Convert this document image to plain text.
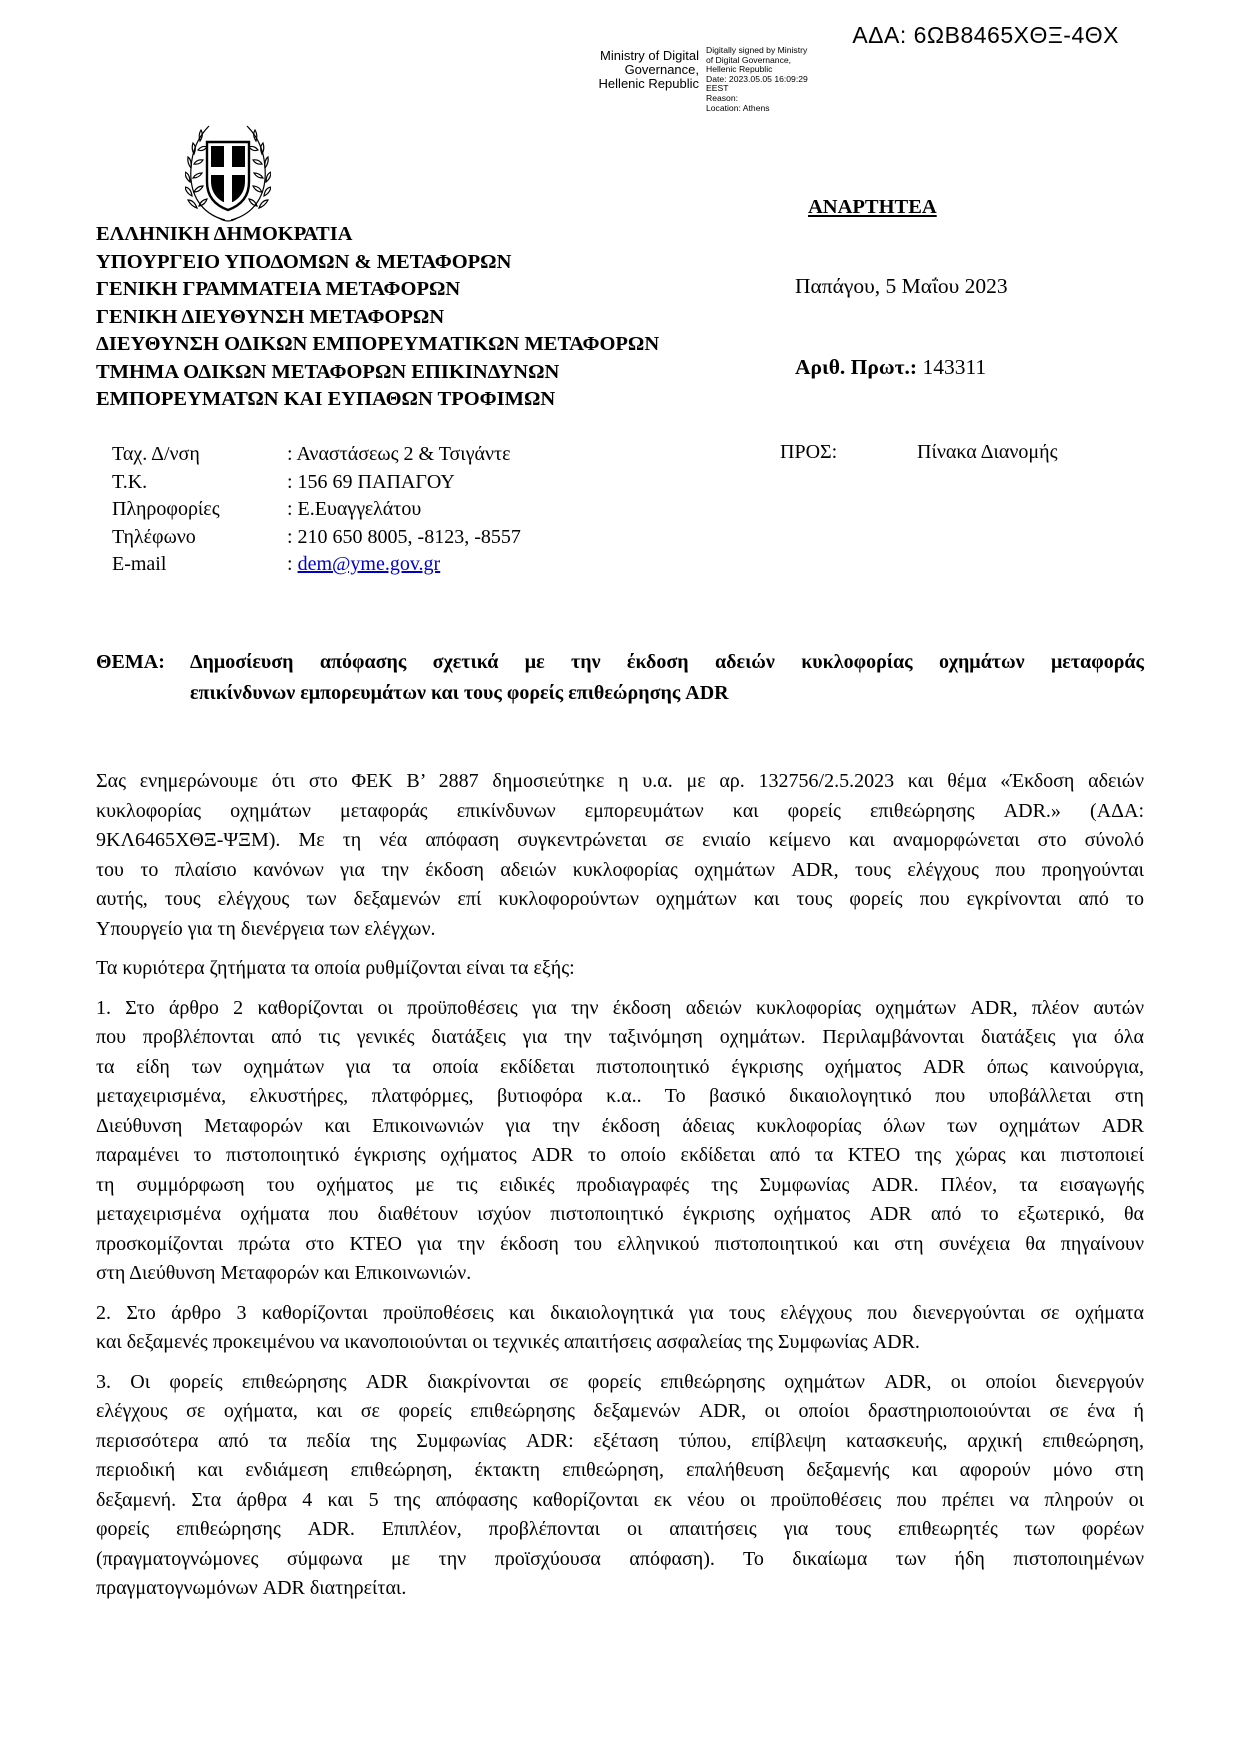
ΑΔΑ: 6ΩΒ8465ΧΘΞ-4ΘΧ
Ministry of Digital
Governance,
Hellenic Republic
Digitally signed by Ministry
of Digital Governance,
Hellenic Republic
Date: 2023.05.05 16:09:29
EEST
Reason:
Location: Athens
ΑΝΑΡΤΗΤΕΑ
ΕΛΛΗΝΙΚΗ ΔΗΜΟΚΡΑΤΙΑ
ΥΠΟΥΡΓΕΙΟ ΥΠΟΔΟΜΩΝ & ΜΕΤΑΦΟΡΩΝ
ΓΕΝΙΚΗ ΓΡΑΜΜΑΤΕΙΑ ΜΕΤΑΦΟΡΩΝ
ΓΕΝΙΚΗ ΔΙΕΥΘΥΝΣΗ ΜΕΤΑΦΟΡΩΝ
ΔΙΕΥΘΥΝΣΗ ΟΔΙΚΩΝ ΕΜΠΟΡΕΥΜΑΤΙΚΩΝ ΜΕΤΑΦΟΡΩΝ
ΤΜΗΜΑ ΟΔΙΚΩΝ ΜΕΤΑΦΟΡΩΝ ΕΠΙΚΙΝΔΥΝΩΝ
ΕΜΠΟΡΕΥΜΑΤΩΝ ΚΑΙ ΕΥΠΑΘΩΝ ΤΡΟΦΙΜΩΝ
Παπάγου, 5 Μαΐου 2023
Αριθ. Πρωτ.: 143311
Ταχ. Δ/νση	: Αναστάσεως 2 & Τσιγάντε
Τ.Κ.	: 156 69 ΠΑΠΑΓΟΥ
Πληροφορίες	: Ε.Ευαγγελάτου
Τηλέφωνο	: 210 650 8005, -8123, -8557
E-mail	: dem@yme.gov.gr
ΠΡΟΣ:	Πίνακα Διανομής
ΘΕΜΑ: Δημοσίευση απόφασης σχετικά με την έκδοση αδειών κυκλοφορίας οχημάτων μεταφοράς
επικίνδυνων εμπορευμάτων και τους φορείς επιθεώρησης ADR

Σας ενημερώνουμε ότι στο ΦΕΚ Β’ 2887 δημοσιεύτηκε η υ.α. με αρ. 132756/2.5.2023 και θέμα «Έκδοση αδειών
κυκλοφορίας οχημάτων μεταφοράς επικίνδυνων εμπορευμάτων και φορείς επιθεώρησης ADR.» (ΑΔΑ:
9ΚΛ6465ΧΘΞ-ΨΞΜ). Με τη νέα απόφαση συγκεντρώνεται σε ενιαίο κείμενο και αναμορφώνεται στο σύνολό
του το πλαίσιο κανόνων για την έκδοση αδειών κυκλοφορίας οχημάτων ADR, τους ελέγχους που προηγούνται
αυτής, τους ελέγχους των δεξαμενών επί κυκλοφορούντων οχημάτων και τους φορείς που εγκρίνονται από το
Υπουργείο για τη διενέργεια των ελέγχων.

Τα κυριότερα ζητήματα τα οποία ρυθμίζονται είναι τα εξής:

1. Στο άρθρο 2 καθορίζονται οι προϋποθέσεις για την έκδοση αδειών κυκλοφορίας οχημάτων ADR, πλέον αυτών
που προβλέπονται από τις γενικές διατάξεις για την ταξινόμηση οχημάτων. Περιλαμβάνονται διατάξεις για όλα
τα είδη των οχημάτων για τα οποία εκδίδεται πιστοποιητικό έγκρισης οχήματος ADR όπως καινούργια,
μεταχειρισμένα, ελκυστήρες, πλατφόρμες, βυτιοφόρα κ.α.. Το βασικό δικαιολογητικό που υποβάλλεται στη
Διεύθυνση Μεταφορών και Επικοινωνιών για την έκδοση άδειας κυκλοφορίας όλων των οχημάτων ADR
παραμένει το πιστοποιητικό έγκρισης οχήματος ADR το οποίο εκδίδεται από τα ΚΤΕΟ της χώρας και πιστοποιεί
τη συμμόρφωση του οχήματος με τις ειδικές προδιαγραφές της Συμφωνίας ADR. Πλέον, τα εισαγωγής
μεταχειρισμένα οχήματα που διαθέτουν ισχύον πιστοποιητικό έγκρισης οχήματος ADR από το εξωτερικό, θα
προσκομίζονται πρώτα στο ΚΤΕΟ για την έκδοση του ελληνικού πιστοποιητικού και στη συνέχεια θα πηγαίνουν
στη Διεύθυνση Μεταφορών και Επικοινωνιών.

2. Στο άρθρο 3 καθορίζονται προϋποθέσεις και δικαιολογητικά για τους ελέγχους που διενεργούνται σε οχήματα
και δεξαμενές προκειμένου να ικανοποιούνται οι τεχνικές απαιτήσεις ασφαλείας της Συμφωνίας ADR.

3. Οι φορείς επιθεώρησης ADR διακρίνονται σε φορείς επιθεώρησης οχημάτων ADR, οι οποίοι διενεργούν
ελέγχους σε οχήματα, και σε φορείς επιθεώρησης δεξαμενών ADR, οι οποίοι δραστηριοποιούνται σε ένα ή
περισσότερα από τα πεδία της Συμφωνίας ADR: εξέταση τύπου, επίβλεψη κατασκευής, αρχική επιθεώρηση,
περιοδική και ενδιάμεση επιθεώρηση, έκτακτη επιθεώρηση, επαλήθευση δεξαμενής και αφορούν μόνο στη
δεξαμενή. Στα άρθρα 4 και 5 της απόφασης καθορίζονται εκ νέου οι προϋποθέσεις που πρέπει να πληρούν οι
φορείς επιθεώρησης ADR. Επιπλέον, προβλέπονται οι απαιτήσεις για τους επιθεωρητές των φορέων
(πραγματογνώμονες σύμφωνα με την προϊσχύουσα απόφαση). Το δικαίωμα των ήδη πιστοποιημένων
πραγματογνωμόνων ADR διατηρείται.
